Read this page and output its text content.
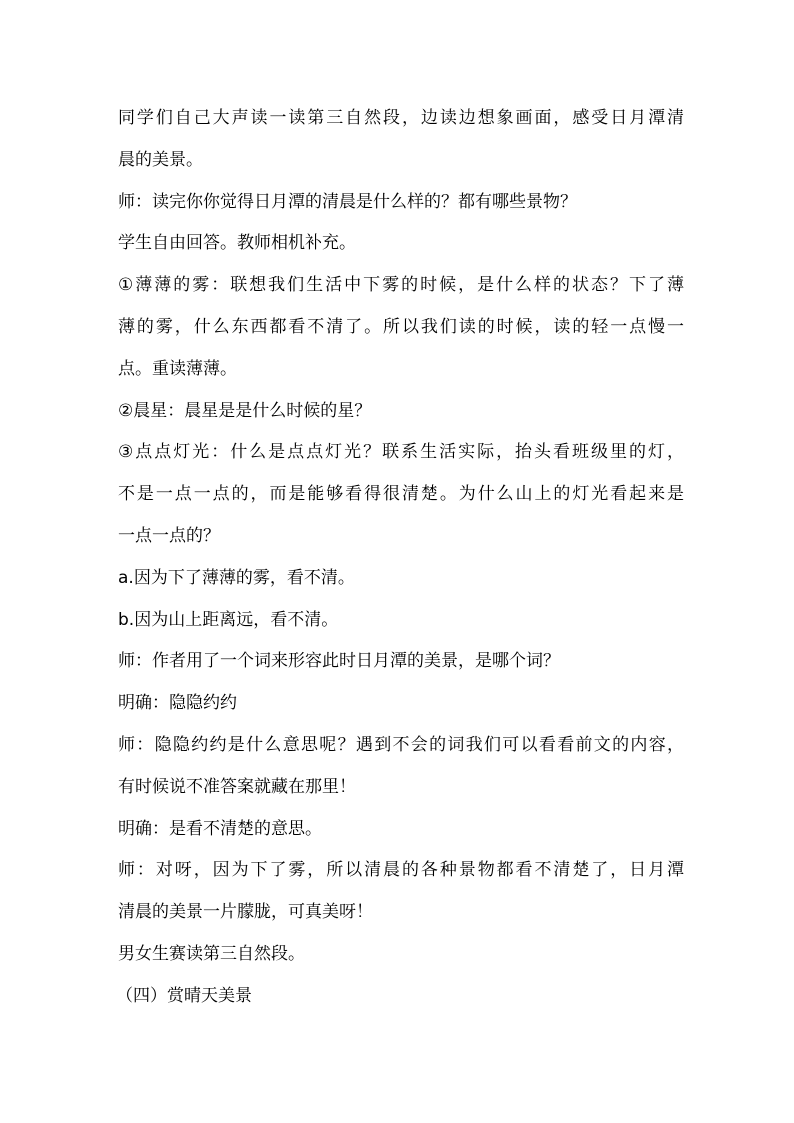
同学们自己大声读一读第三自然段，边读边想象画面，感受日月潭清
晨的美景。
师：读完你你觉得日月潭的清晨是什么样的？都有哪些景物？
学生自由回答。教师相机补充。
①薄薄的雾：联想我们生活中下雾的时候，是什么样的状态？下了薄
薄的雾，什么东西都看不清了。所以我们读的时候，读的轻一点慢一
点。重读薄薄。
②晨星：晨星是是什么时候的星？
③点点灯光：什么是点点灯光？联系生活实际，抬头看班级里的灯，
不是一点一点的，而是能够看得很清楚。为什么山上的灯光看起来是
一点一点的？
a.因为下了薄薄的雾，看不清。
b.因为山上距离远，看不清。
师：作者用了一个词来形容此时日月潭的美景，是哪个词？
明确：隐隐约约
师：隐隐约约是什么意思呢？遇到不会的词我们可以看看前文的内容，
有时候说不准答案就藏在那里！
明确：是看不清楚的意思。
师：对呀，因为下了雾，所以清晨的各种景物都看不清楚了，日月潭
清晨的美景一片朦胧，可真美呀！
男女生赛读第三自然段。
（四）赏晴天美景
